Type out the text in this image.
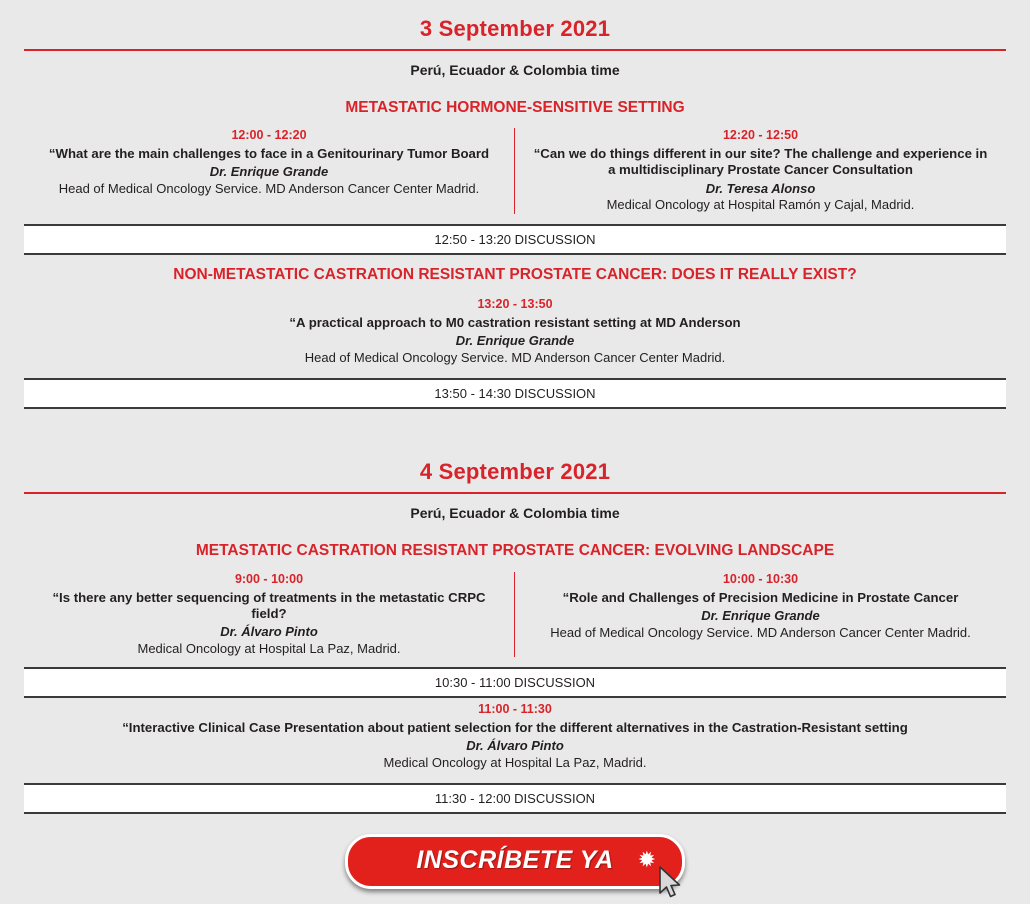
3 September 2021
Perú, Ecuador & Colombia time
METASTATIC HORMONE-SENSITIVE SETTING
12:00 - 12:20
“What are the main challenges to face in a Genitourinary Tumor Board
Dr. Enrique Grande
Head of Medical Oncology Service. MD Anderson Cancer Center Madrid.
12:20 - 12:50
“Can we do things different in our site? The challenge and experience in a multidisciplinary Prostate Cancer Consultation
Dr. Teresa Alonso
Medical Oncology at Hospital Ramón y Cajal, Madrid.
12:50 - 13:20 DISCUSSION
NON-METASTATIC CASTRATION RESISTANT PROSTATE CANCER: DOES IT REALLY EXIST?
13:20 - 13:50
“A practical approach to M0 castration resistant setting at MD Anderson
Dr. Enrique Grande
Head of Medical Oncology Service. MD Anderson Cancer Center Madrid.
13:50 - 14:30 DISCUSSION
4 September 2021
Perú, Ecuador & Colombia time
METASTATIC CASTRATION RESISTANT PROSTATE CANCER: EVOLVING LANDSCAPE
9:00 - 10:00
“Is there any better sequencing of treatments in the metastatic CRPC field?
Dr. Álvaro Pinto
Medical Oncology at Hospital La Paz, Madrid.
10:00 - 10:30
“Role and Challenges of Precision Medicine in Prostate Cancer
Dr. Enrique Grande
Head of Medical Oncology Service. MD Anderson Cancer Center Madrid.
10:30 - 11:00 DISCUSSION
11:00 - 11:30
“Interactive Clinical Case Presentation about patient selection for the different alternatives in the Castration-Resistant setting
Dr. Álvaro Pinto
Medical Oncology at Hospital La Paz, Madrid.
11:30 - 12:00 DISCUSSION
INSCRÍBETE YA ✹
